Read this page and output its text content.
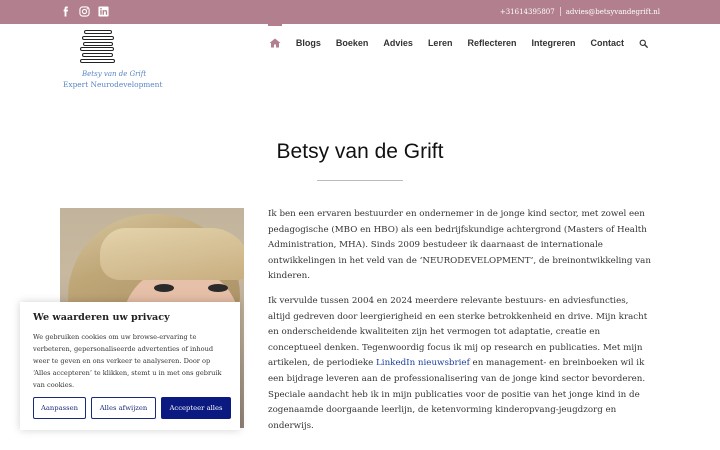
+31614395807 advies@betsyvandegrift.nl
Betsy van de Grift
Expert Neurodevelopment
Blogs Boeken Advies Leren Reflecteren Integreren Contact
Betsy van de Grift

Ik ben een ervaren bestuurder en ondernemer in de jonge kind sector, met zowel een pedagogische (MBO en HBO) als een bedrijfskundige achtergrond (Masters of Health Administration, MHA). Sinds 2009 bestudeer ik daarnaast de internationale ontwikkelingen in het veld van de ‘NEURODEVELOPMENT’, de breinontwikkeling van kinderen.

Ik vervulde tussen 2004 en 2024 meerdere relevante bestuurs- en adviesfuncties, altijd gedreven door leergierigheid en een sterke betrokkenheid en drive. Mijn kracht en onderscheidende kwaliteiten zijn het vermogen tot adaptatie, creatie en conceptueel denken. Tegenwoordig focus ik mij op research en publicaties. Met mijn artikelen, de periodieke LinkedIn nieuwsbrief en management- en breinboeken wil ik een bijdrage leveren aan de professionalisering van de jonge kind sector bevorderen. Speciale aandacht heb ik in mijn publicaties voor de positie van het jonge kind in de zogenaamde doorgaande leerlijn, de ketenvorming kinderopvang-jeugdzorg en onderwijs.

We waarderen uw privacy
We gebruiken cookies om uw browse-ervaring te verbeteren, gepersonaliseerde advertenties of inhoud weer te geven en ons verkeer te analyseren. Door op ‘Alles accepteren’ te klikken, stemt u in met ons gebruik van cookies.
Aanpassen	Alles afwijzen	Accepteer alles
